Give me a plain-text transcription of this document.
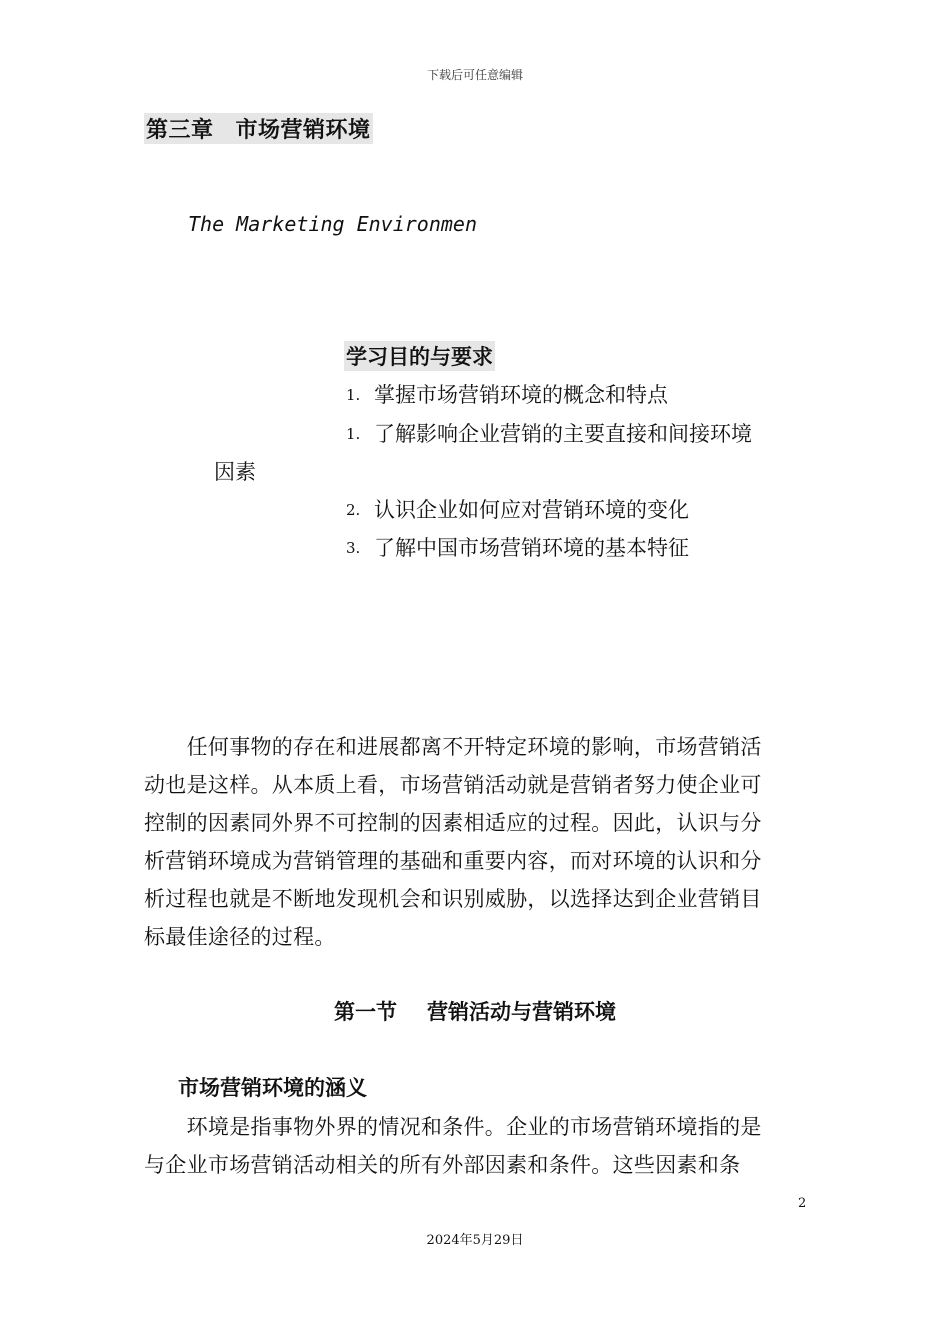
下载后可任意编辑
第三章 市场营销环境
The Marketing Environmen
学习目的与要求
1. 掌握市场营销环境的概念和特点
1. 了解影响企业营销的主要直接和间接环境
因素
2. 认识企业如何应对营销环境的变化
3. 了解中国市场营销环境的基本特征
　　任何事物的存在和进展都离不开特定环境的影响，市场营销活
动也是这样。从本质上看，市场营销活动就是营销者努力使企业可
控制的因素同外界不可控制的因素相适应的过程。因此，认识与分
析营销环境成为营销管理的基础和重要内容，而对环境的认识和分
析过程也就是不断地发现机会和识别威胁，以选择达到企业营销目
标最佳途径的过程。
第一节 营销活动与营销环境
市场营销环境的涵义
　　环境是指事物外界的情况和条件。企业的市场营销环境指的是
与企业市场营销活动相关的所有外部因素和条件。这些因素和条
2
2024年5月29日
